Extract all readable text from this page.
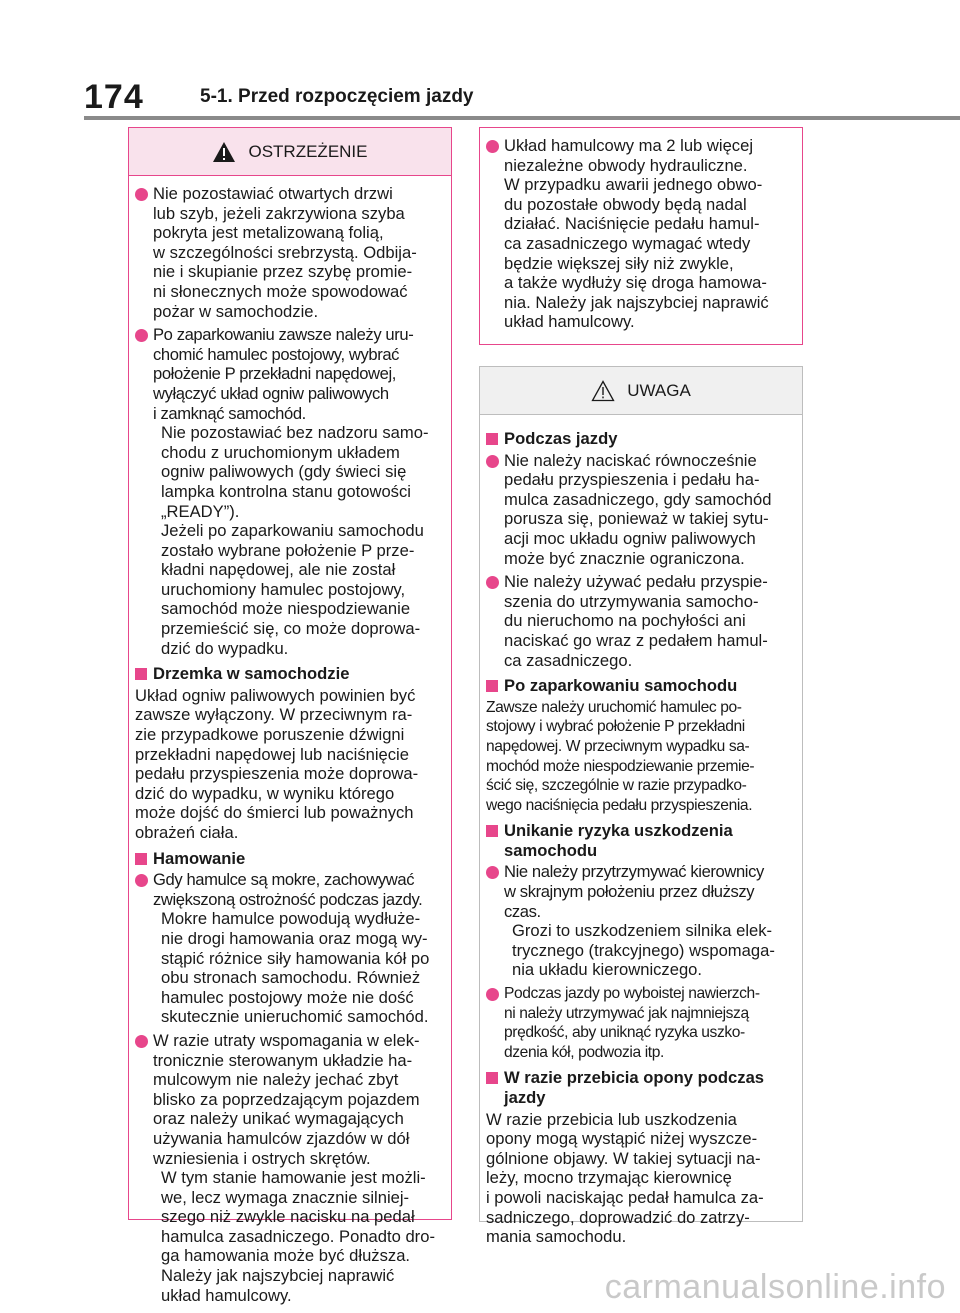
174	5-1. Przed rozpoczęciem jazdy
OSTRZEŻENIE
Nie pozostawiać otwartych drzwi
lub szyb, jeżeli zakrzywiona szyba
pokryta jest metalizowaną folią,
w szczególności srebrzystą. Odbija-
nie i skupianie przez szybę promie-
ni słonecznych może spowodować
pożar w samochodzie.
Po zaparkowaniu zawsze należy uru-
chomić hamulec postojowy, wybrać
położenie P przekładni napędowej,
wyłączyć układ ogniw paliwowych
i zamknąć samochód.
Nie pozostawiać bez nadzoru samo-
chodu z uruchomionym układem
ogniw paliwowych (gdy świeci się
lampka kontrolna stanu gotowości
„READY”).
Jeżeli po zaparkowaniu samochodu
zostało wybrane położenie P prze-
kładni napędowej, ale nie został
uruchomiony hamulec postojowy,
samochód może niespodziewanie
przemieścić się, co może doprowa-
dzić do wypadku.
Drzemka w samochodzie
Układ ogniw paliwowych powinien być
zawsze wyłączony. W przeciwnym ra-
zie przypadkowe poruszenie dźwigni
przekładni napędowej lub naciśnięcie
pedału przyspieszenia może doprowa-
dzić do wypadku, w wyniku którego
może dojść do śmierci lub poważnych
obrażeń ciała.
Hamowanie
Gdy hamulce są mokre, zachowywać
zwiększoną ostrożność podczas jazdy.
Mokre hamulce powodują wydłuże-
nie drogi hamowania oraz mogą wy-
stąpić różnice siły hamowania kół po
obu stronach samochodu. Również
hamulec postojowy może nie dość
skutecznie unieruchomić samochód.
W razie utraty wspomagania w elek-
tronicznie sterowanym układzie ha-
mulcowym nie należy jechać zbyt
blisko za poprzedzającym pojazdem
oraz należy unikać wymagających
używania hamulców zjazdów w dół
wzniesienia i ostrych skrętów.
W tym stanie hamowanie jest możli-
we, lecz wymaga znacznie silniej-
szego niż zwykle nacisku na pedał
hamulca zasadniczego. Ponadto dro-
ga hamowania może być dłuższa.
Należy jak najszybciej naprawić
układ hamulcowy.
Układ hamulcowy ma 2 lub więcej
niezależne obwody hydrauliczne.
W przypadku awarii jednego obwo-
du pozostałe obwody będą nadal
działać. Naciśnięcie pedału hamul-
ca zasadniczego wymagać wtedy
będzie większej siły niż zwykle,
a także wydłuży się droga hamowa-
nia. Należy jak najszybciej naprawić
układ hamulcowy.
UWAGA
Podczas jazdy
Nie należy naciskać równocześnie
pedału przyspieszenia i pedału ha-
mulca zasadniczego, gdy samochód
porusza się, ponieważ w takiej sytu-
acji moc układu ogniw paliwowych
może być znacznie ograniczona.
Nie należy używać pedału przyspie-
szenia do utrzymywania samocho-
du nieruchomo na pochyłości ani
naciskać go wraz z pedałem hamul-
ca zasadniczego.
Po zaparkowaniu samochodu
Zawsze należy uruchomić hamulec po-
stojowy i wybrać położenie P przekładni
napędowej. W przeciwnym wypadku sa-
mochód może niespodziewanie przemie-
ścić się, szczególnie w razie przypadko-
wego naciśnięcia pedału przyspieszenia.
Unikanie ryzyka uszkodzenia
samochodu
Nie należy przytrzymywać kierownicy
w skrajnym położeniu przez dłuższy
czas.
Grozi to uszkodzeniem silnika elek-
trycznego (trakcyjnego) wspomaga-
nia układu kierowniczego.
Podczas jazdy po wyboistej nawierzch-
ni należy utrzymywać jak najmniejszą
prędkość, aby uniknąć ryzyka uszko-
dzenia kół, podwozia itp.
W razie przebicia opony podczas
jazdy
W razie przebicia lub uszkodzenia
opony mogą wystąpić niżej wyszcze-
gólnione objawy. W takiej sytuacji na-
leży, mocno trzymając kierownicę
i powoli naciskając pedał hamulca za-
sadniczego, doprowadzić do zatrzy-
mania samochodu.
carmanualsonline.info
